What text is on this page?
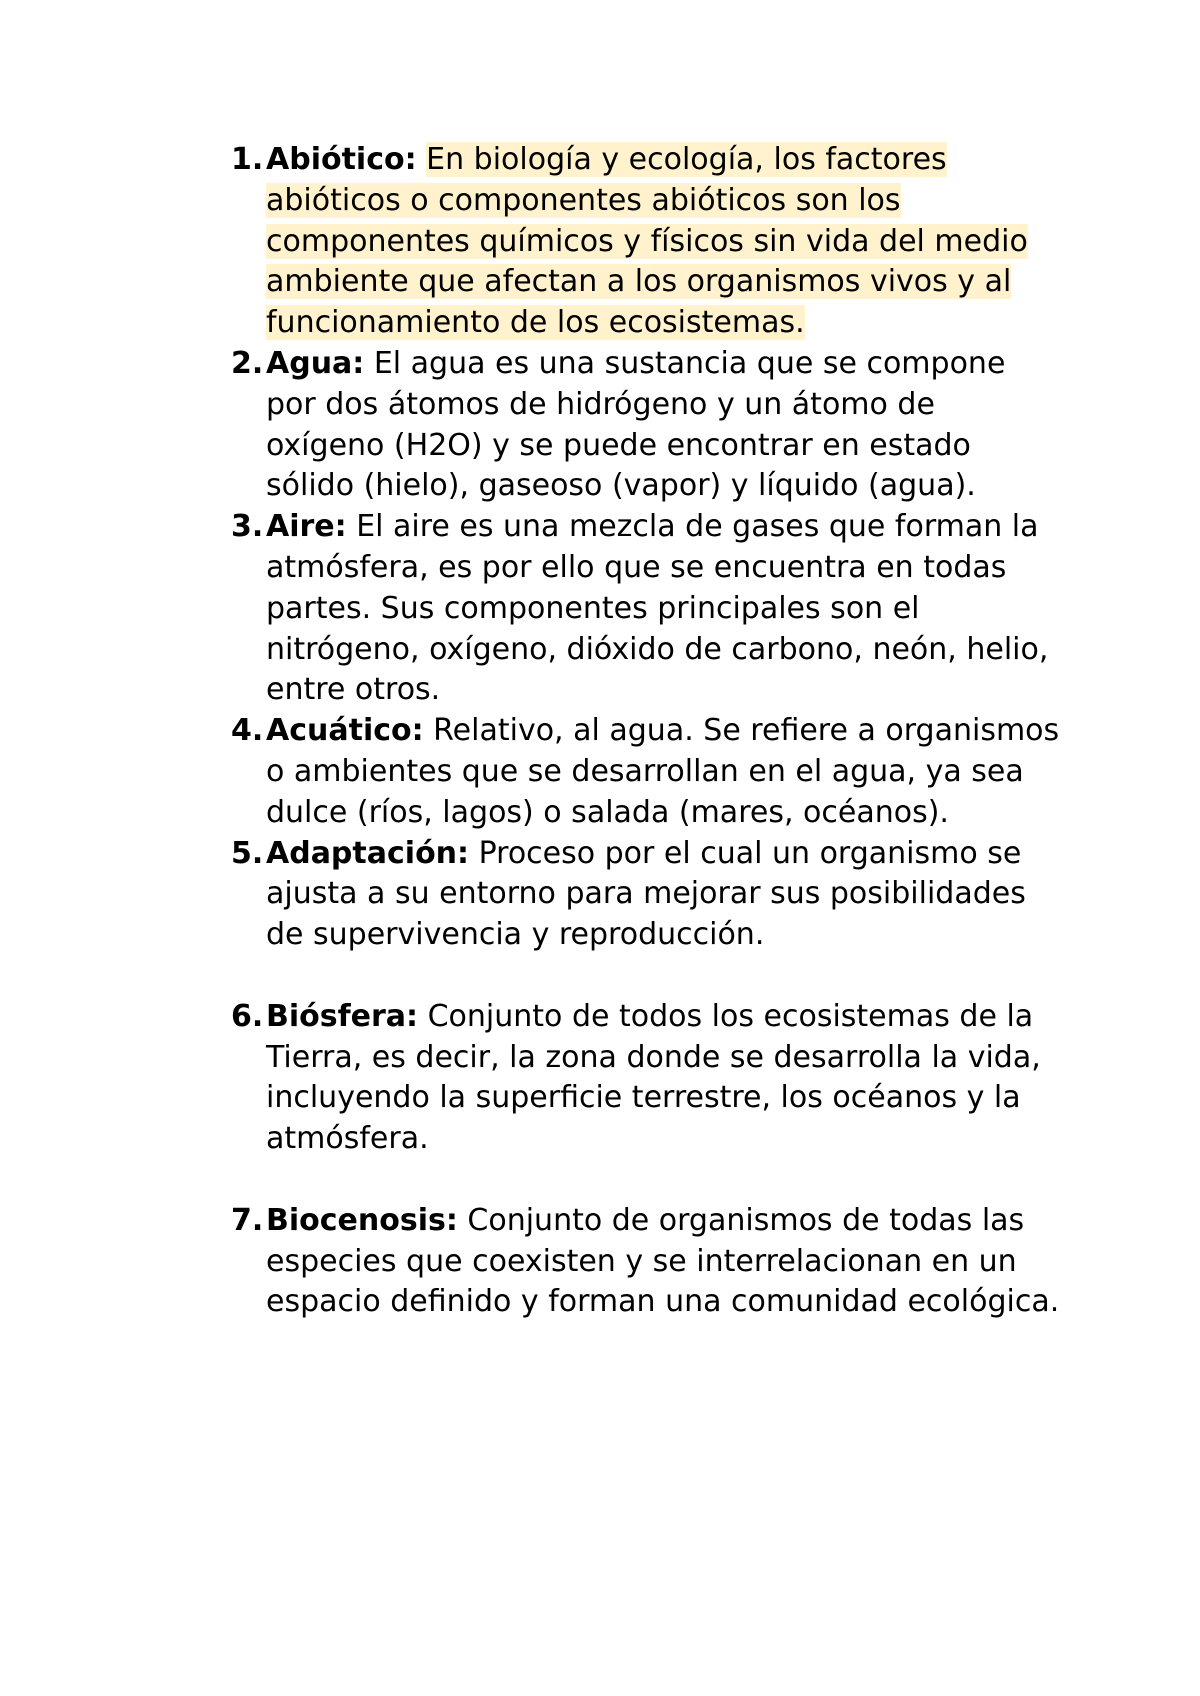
1. Abiótico: En biología y ecología, los factores abióticos o componentes abióticos son los componentes químicos y físicos sin vida del medio ambiente que afectan a los organismos vivos y al funcionamiento de los ecosistemas.
2. Agua: El agua es una sustancia que se compone por dos átomos de hidrógeno y un átomo de oxígeno (H2O) y se puede encontrar en estado sólido (hielo), gaseoso (vapor) y líquido (agua).
3. Aire: El aire es una mezcla de gases que forman la atmósfera, es por ello que se encuentra en todas partes. Sus componentes principales son el nitrógeno, oxígeno, dióxido de carbono, neón, helio, entre otros.
4. Acuático: Relativo, al agua. Se refiere a organismos o ambientes que se desarrollan en el agua, ya sea dulce (ríos, lagos) o salada (mares, océanos).
5. Adaptación: Proceso por el cual un organismo se ajusta a su entorno para mejorar sus posibilidades de supervivencia y reproducción.
6. Biósfera: Conjunto de todos los ecosistemas de la Tierra, es decir, la zona donde se desarrolla la vida, incluyendo la superficie terrestre, los océanos y la atmósfera.
7. Biocenosis: Conjunto de organismos de todas las especies que coexisten y se interrelacionan en un espacio definido y forman una comunidad ecológica.
